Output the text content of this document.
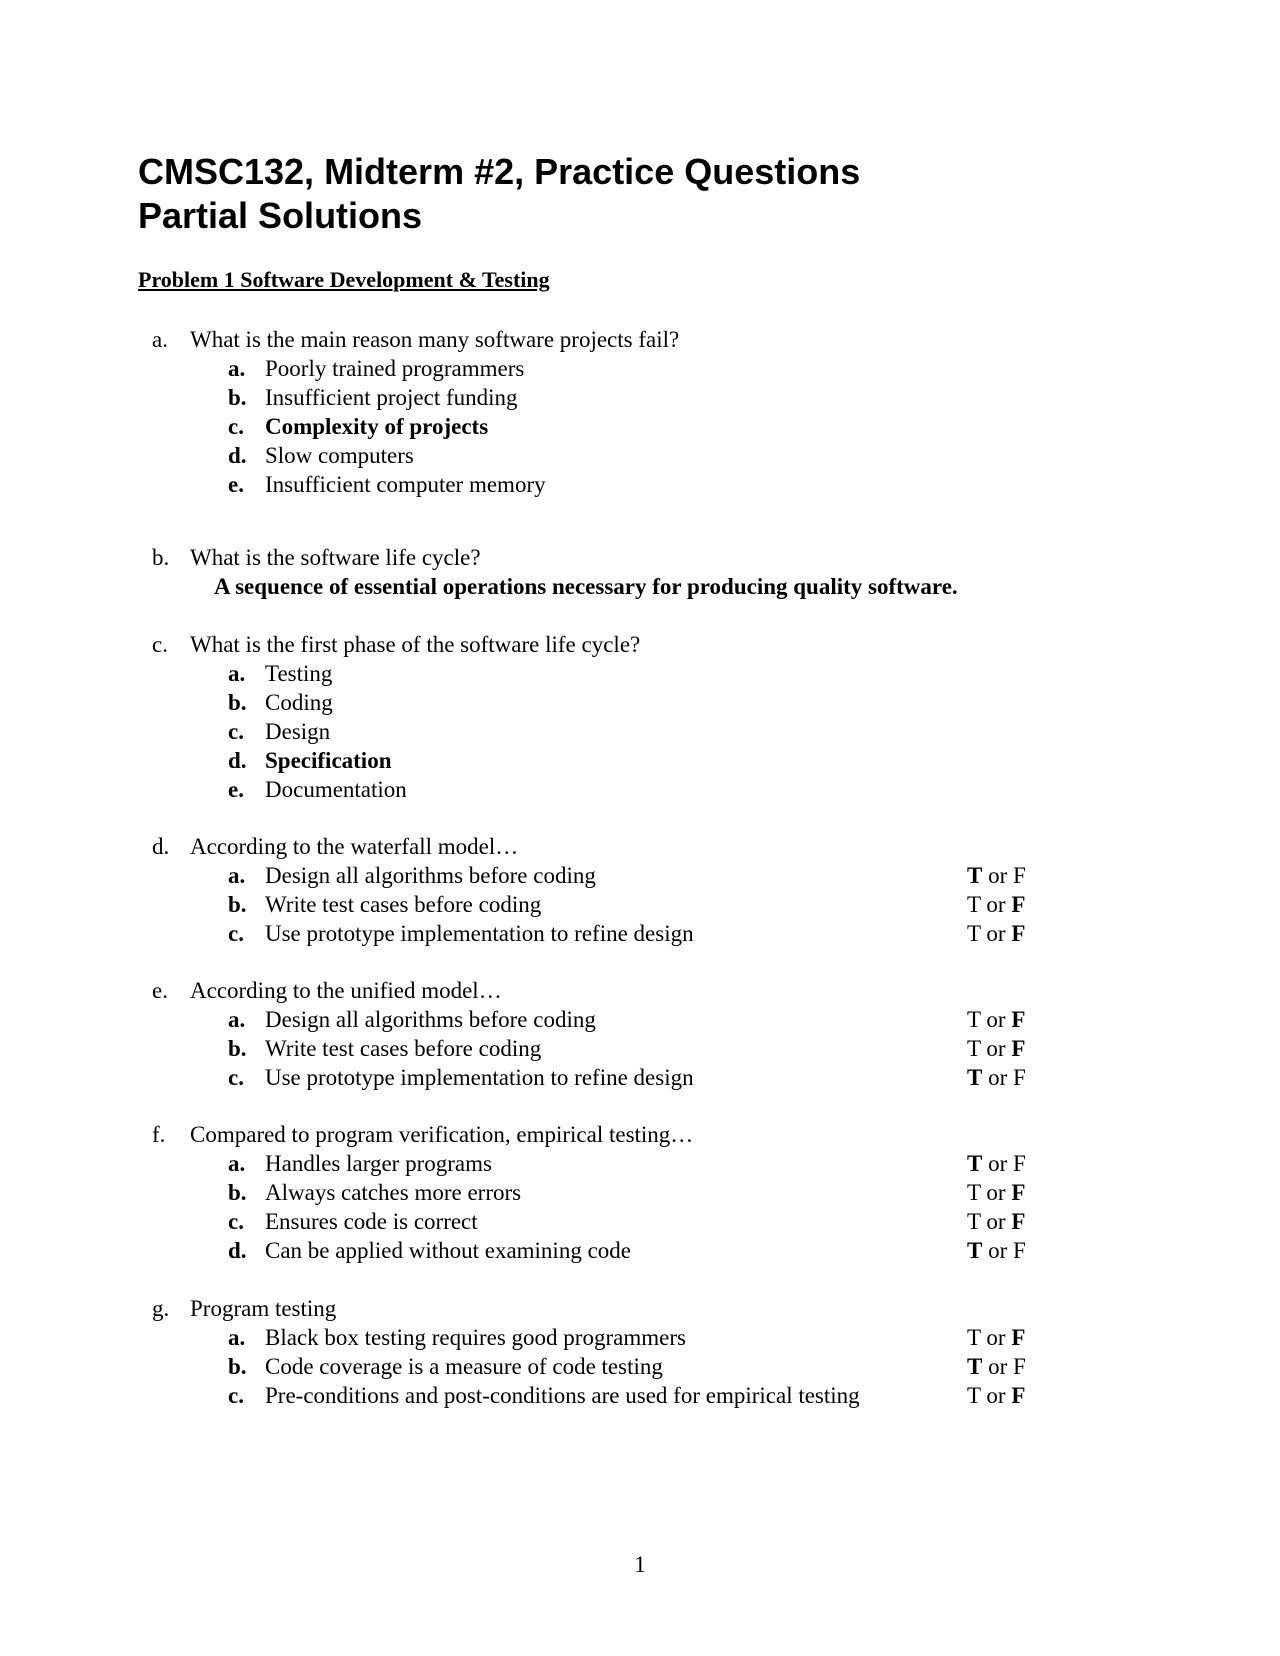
CMSC132, Midterm #2, Practice Questions
Partial Solutions
Problem 1 Software Development & Testing
a. What is the main reason many software projects fail?
a. Poorly trained programmers
b. Insufficient project funding
c. Complexity of projects
d. Slow computers
e. Insufficient computer memory
b. What is the software life cycle?
A sequence of essential operations necessary for producing quality software.
c. What is the first phase of the software life cycle?
a. Testing
b. Coding
c. Design
d. Specification
e. Documentation
d. According to the waterfall model…
a. Design all algorithms before coding	T or F
b. Write test cases before coding	T or F
c. Use prototype implementation to refine design	T or F
e. According to the unified model…
a. Design all algorithms before coding	T or F
b. Write test cases before coding	T or F
c. Use prototype implementation to refine design	T or F
f. Compared to program verification, empirical testing…
a. Handles larger programs	T or F
b. Always catches more errors	T or F
c. Ensures code is correct	T or F
d. Can be applied without examining code	T or F
g. Program testing
a. Black box testing requires good programmers	T or F
b. Code coverage is a measure of code testing	T or F
c. Pre-conditions and post-conditions are used for empirical testing	T or F
1
